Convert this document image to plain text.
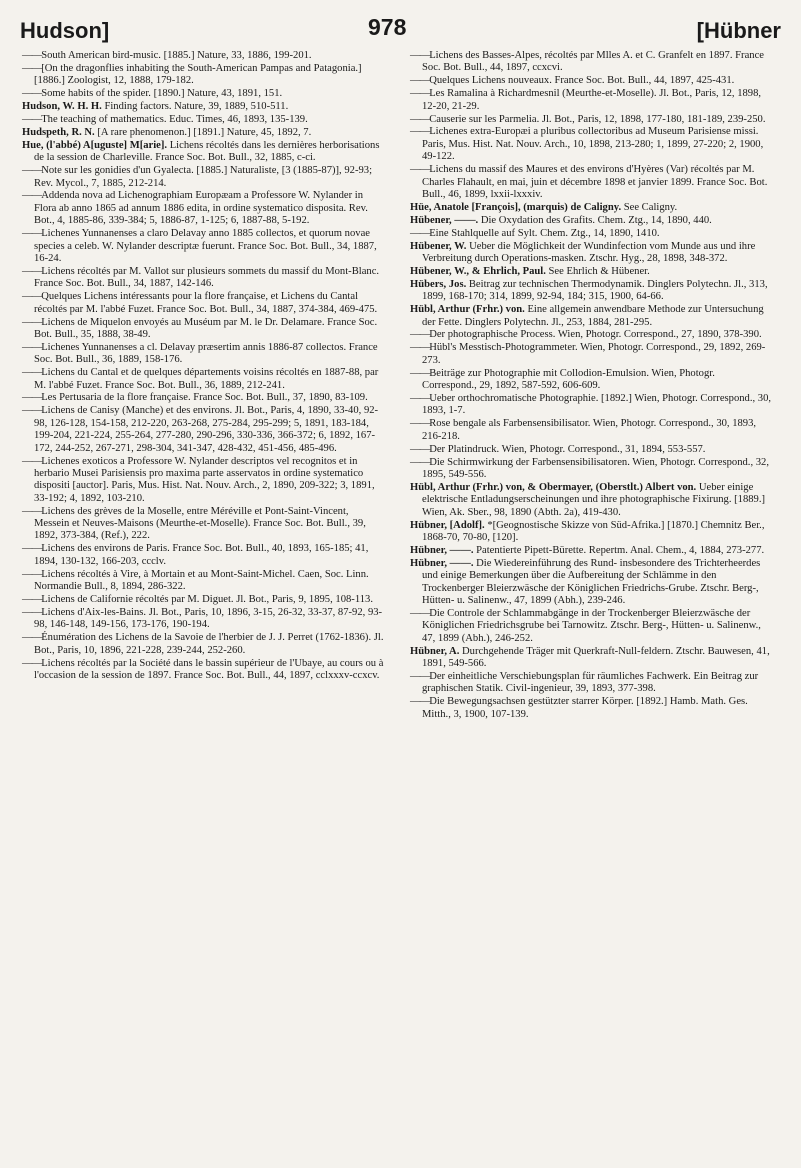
Hudson]	978	[Hübner
—— South American bird-music. [1885.] Nature, 33, 1886, 199-201.
—— [On the dragonflies inhabiting the South-American Pampas and Patagonia.] [1886.] Zoologist, 12, 1888, 179-182.
—— Some habits of the spider. [1890.] Nature, 43, 1891, 151.
Hudson, W. H. H. Finding factors. Nature, 39, 1889, 510-511.
—— The teaching of mathematics. Educ. Times, 46, 1893, 135-139.
Hudspeth, R. N. [A rare phenomenon.] [1891.] Nature, 45, 1892, 7.
Hue, (l'abbé) A[uguste] M[arie]. Lichens récoltés dans les dernières herborisations de la session de Charleville. France Soc. Bot. Bull., 32, 1885, c-ci.
—— Note sur les gonidies d'un Gyalecta. [1885.] Naturaliste, [3 (1885-87)], 92-93; Rev. Mycol., 7, 1885, 212-214.
—— Addenda nova ad Lichenographiam Europæam a Professore W. Nylander in Flora ab anno 1865 ad annum 1886 edita, in ordine systematico disposita. Rev. Bot., 4, 1885-86, 339-384; 5, 1886-87, 1-125; 6, 1887-88, 5-192.
—— Lichenes Yunnanenses a claro Delavay anno 1885 collectos, et quorum novae species a celeb. W. Nylander descriptæ fuerunt. France Soc. Bot. Bull., 34, 1887, 16-24.
—— Lichens récoltés par M. Vallot sur plusieurs sommets du massif du Mont-Blanc. France Soc. Bot. Bull., 34, 1887, 142-146.
—— Quelques Lichens intéressants pour la flore française, et Lichens du Cantal récoltés par M. l'abbé Fuzet. France Soc. Bot. Bull., 34, 1887, 374-384, 469-475.
—— Lichens de Miquelon envoyés au Muséum par M. le Dr. Delamare. France Soc. Bot. Bull., 35, 1888, 38-49.
—— Lichenes Yunnanenses a cl. Delavay præsertim annis 1886-87 collectos. France Soc. Bot. Bull., 36, 1889, 158-176.
—— Lichens du Cantal et de quelques départements voisins récoltés en 1887-88, par M. l'abbé Fuzet. France Soc. Bot. Bull., 36, 1889, 212-241.
—— Les Pertusaria de la flore française. France Soc. Bot. Bull., 37, 1890, 83-109.
—— Lichens de Canisy (Manche) et des environs. Jl. Bot., Paris, 4, 1890, 33-40, 92-98, 126-128, 154-158, 212-220, 263-268, 275-284, 295-299; 5, 1891, 183-184, 199-204, 221-224, 255-264, 277-280, 290-296, 330-336, 366-372; 6, 1892, 167-172, 244-252, 267-271, 298-304, 341-347, 428-432, 451-456, 485-496.
—— Lichenes exoticos a Professore W. Nylander descriptos vel recognitos et in herbario Musei Parisiensis pro maxima parte asservatos in ordine systematico dispositi [auctor]. Paris, Mus. Hist. Nat. Nouv. Arch., 2, 1890, 209-322; 3, 1891, 33-192; 4, 1892, 103-210.
—— Lichens des grèves de la Moselle, entre Méréville et Pont-Saint-Vincent, Messein et Neuves-Maisons (Meurthe-et-Moselle). France Soc. Bot. Bull., 39, 1892, 373-384, (Ref.), 222.
—— Lichens des environs de Paris. France Soc. Bot. Bull., 40, 1893, 165-185; 41, 1894, 130-132, 166-203, ccclv.
—— Lichens récoltés à Vire, à Mortain et au Mont-Saint-Michel. Caen, Soc. Linn. Normandie Bull., 8, 1894, 286-322.
—— Lichens de Californie récoltés par M. Diguet. Jl. Bot., Paris, 9, 1895, 108-113.
—— Lichens d'Aix-les-Bains. Jl. Bot., Paris, 10, 1896, 3-15, 26-32, 33-37, 87-92, 93-98, 146-148, 149-156, 173-176, 190-194.
—— Énumération des Lichens de la Savoie de l'herbier de J. J. Perret (1762-1836). Jl. Bot., Paris, 10, 1896, 221-228, 239-244, 252-260.
—— Lichens récoltés par la Société dans le bassin supérieur de l'Ubaye, au cours ou à l'occasion de la session de 1897. France Soc. Bot. Bull., 44, 1897, cclxxxv-ccxcv.
—— Lichens des Basses-Alpes, récoltés par Mlles A. et C. Granfelt en 1897. France Soc. Bot. Bull., 44, 1897, ccxcvi.
—— Quelques Lichens nouveaux. France Soc. Bot. Bull., 44, 1897, 425-431.
—— Les Ramalina à Richardmesnil (Meurthe-et-Moselle). Jl. Bot., Paris, 12, 1898, 12-20, 21-29.
—— Causerie sur les Parmelia. Jl. Bot., Paris, 12, 1898, 177-180, 181-189, 239-250.
—— Lichenes extra-Europæi a pluribus collectoribus ad Museum Parisiense missi. Paris, Mus. Hist. Nat. Nouv. Arch., 10, 1898, 213-280; 1, 1899, 27-220; 2, 1900, 49-122.
—— Lichens du massif des Maures et des environs d'Hyères (Var) récoltés par M. Charles Flahault, en mai, juin et décembre 1898 et janvier 1899. France Soc. Bot. Bull., 46, 1899, lxxii-lxxxiv.
Hüe, Anatole [François], (marquis) de Caligny. See Caligny.
Hübener, ——. Die Oxydation des Grafits. Chem. Ztg., 14, 1890, 440.
—— Eine Stahlquelle auf Sylt. Chem. Ztg., 14, 1890, 1410.
Hübener, W. Ueber die Möglichkeit der Wundinfection vom Munde aus und ihre Verbreitung durch Operations-masken. Ztschr. Hyg., 28, 1898, 348-372.
Hübener, W., & Ehrlich, Paul. See Ehrlich & Hübener.
Hübers, Jos. Beitrag zur technischen Thermodynamik. Dinglers Polytechn. Jl., 313, 1899, 168-170; 314, 1899, 92-94, 184; 315, 1900, 64-66.
Hübl, Arthur (Frhr.) von. Eine allgemein anwendbare Methode zur Untersuchung der Fette. Dinglers Polytechn. Jl., 253, 1884, 281-295.
—— Der photographische Process. Wien, Photogr. Correspond., 27, 1890, 378-390.
—— Hübl's Messtisch-Photogrammeter. Wien, Photogr. Correspond., 29, 1892, 269-273.
—— Beiträge zur Photographie mit Collodion-Emulsion. Wien, Photogr. Correspond., 29, 1892, 587-592, 606-609.
—— Ueber orthochromatische Photographie. [1892.] Wien, Photogr. Correspond., 30, 1893, 1-7.
—— Rose bengale als Farbensensibilisator. Wien, Photogr. Correspond., 30, 1893, 216-218.
—— Der Platindruck. Wien, Photogr. Correspond., 31, 1894, 553-557.
—— Die Schirmwirkung der Farbensensibilisatoren. Wien, Photogr. Correspond., 32, 1895, 549-556.
Hübl, Arthur (Frhr.) von, & Obermayer, (Oberstlt.) Albert von. Ueber einige elektrische Entladungserscheinungen und ihre photographische Fixirung. [1889.] Wien, Ak. Sber., 98, 1890 (Abth. 2a), 419-430.
Hübner, [Adolf]. *[Geognostische Skizze von Süd-Afrika.] [1870.] Chemnitz Ber., 1868-70, 70-80, [120].
Hübner, ——. Patentierte Pipett-Bürette. Repertm. Anal. Chem., 4, 1884, 273-277.
Hübner, ——. Die Wiedereinführung des Rund- insbesondere des Trichterheerdes und einige Bemerkungen über die Aufbereitung der Schlämme in den Trockenberger Bleierzwäsche der Königlichen Friedrichs-Grube. Ztschr. Berg-, Hütten- u. Salinenw., 47, 1899 (Abh.), 239-246.
—— Die Controle der Schlammabgänge in der Trockenberger Bleierzwäsche der Königlichen Friedrichsgrube bei Tarnowitz. Ztschr. Berg-, Hütten- u. Salinenw., 47, 1899 (Abh.), 246-252.
Hübner, A. Durchgehende Träger mit Querkraft-Null-feldern. Ztschr. Bauwesen, 41, 1891, 549-566.
—— Der einheitliche Verschiebungsplan für räumliches Fachwerk. Ein Beitrag zur graphischen Statik. Civil-ingenieur, 39, 1893, 377-398.
—— Die Bewegungsachsen gestützter starrer Körper. [1892.] Hamb. Math. Ges. Mitth., 3, 1900, 107-139.
